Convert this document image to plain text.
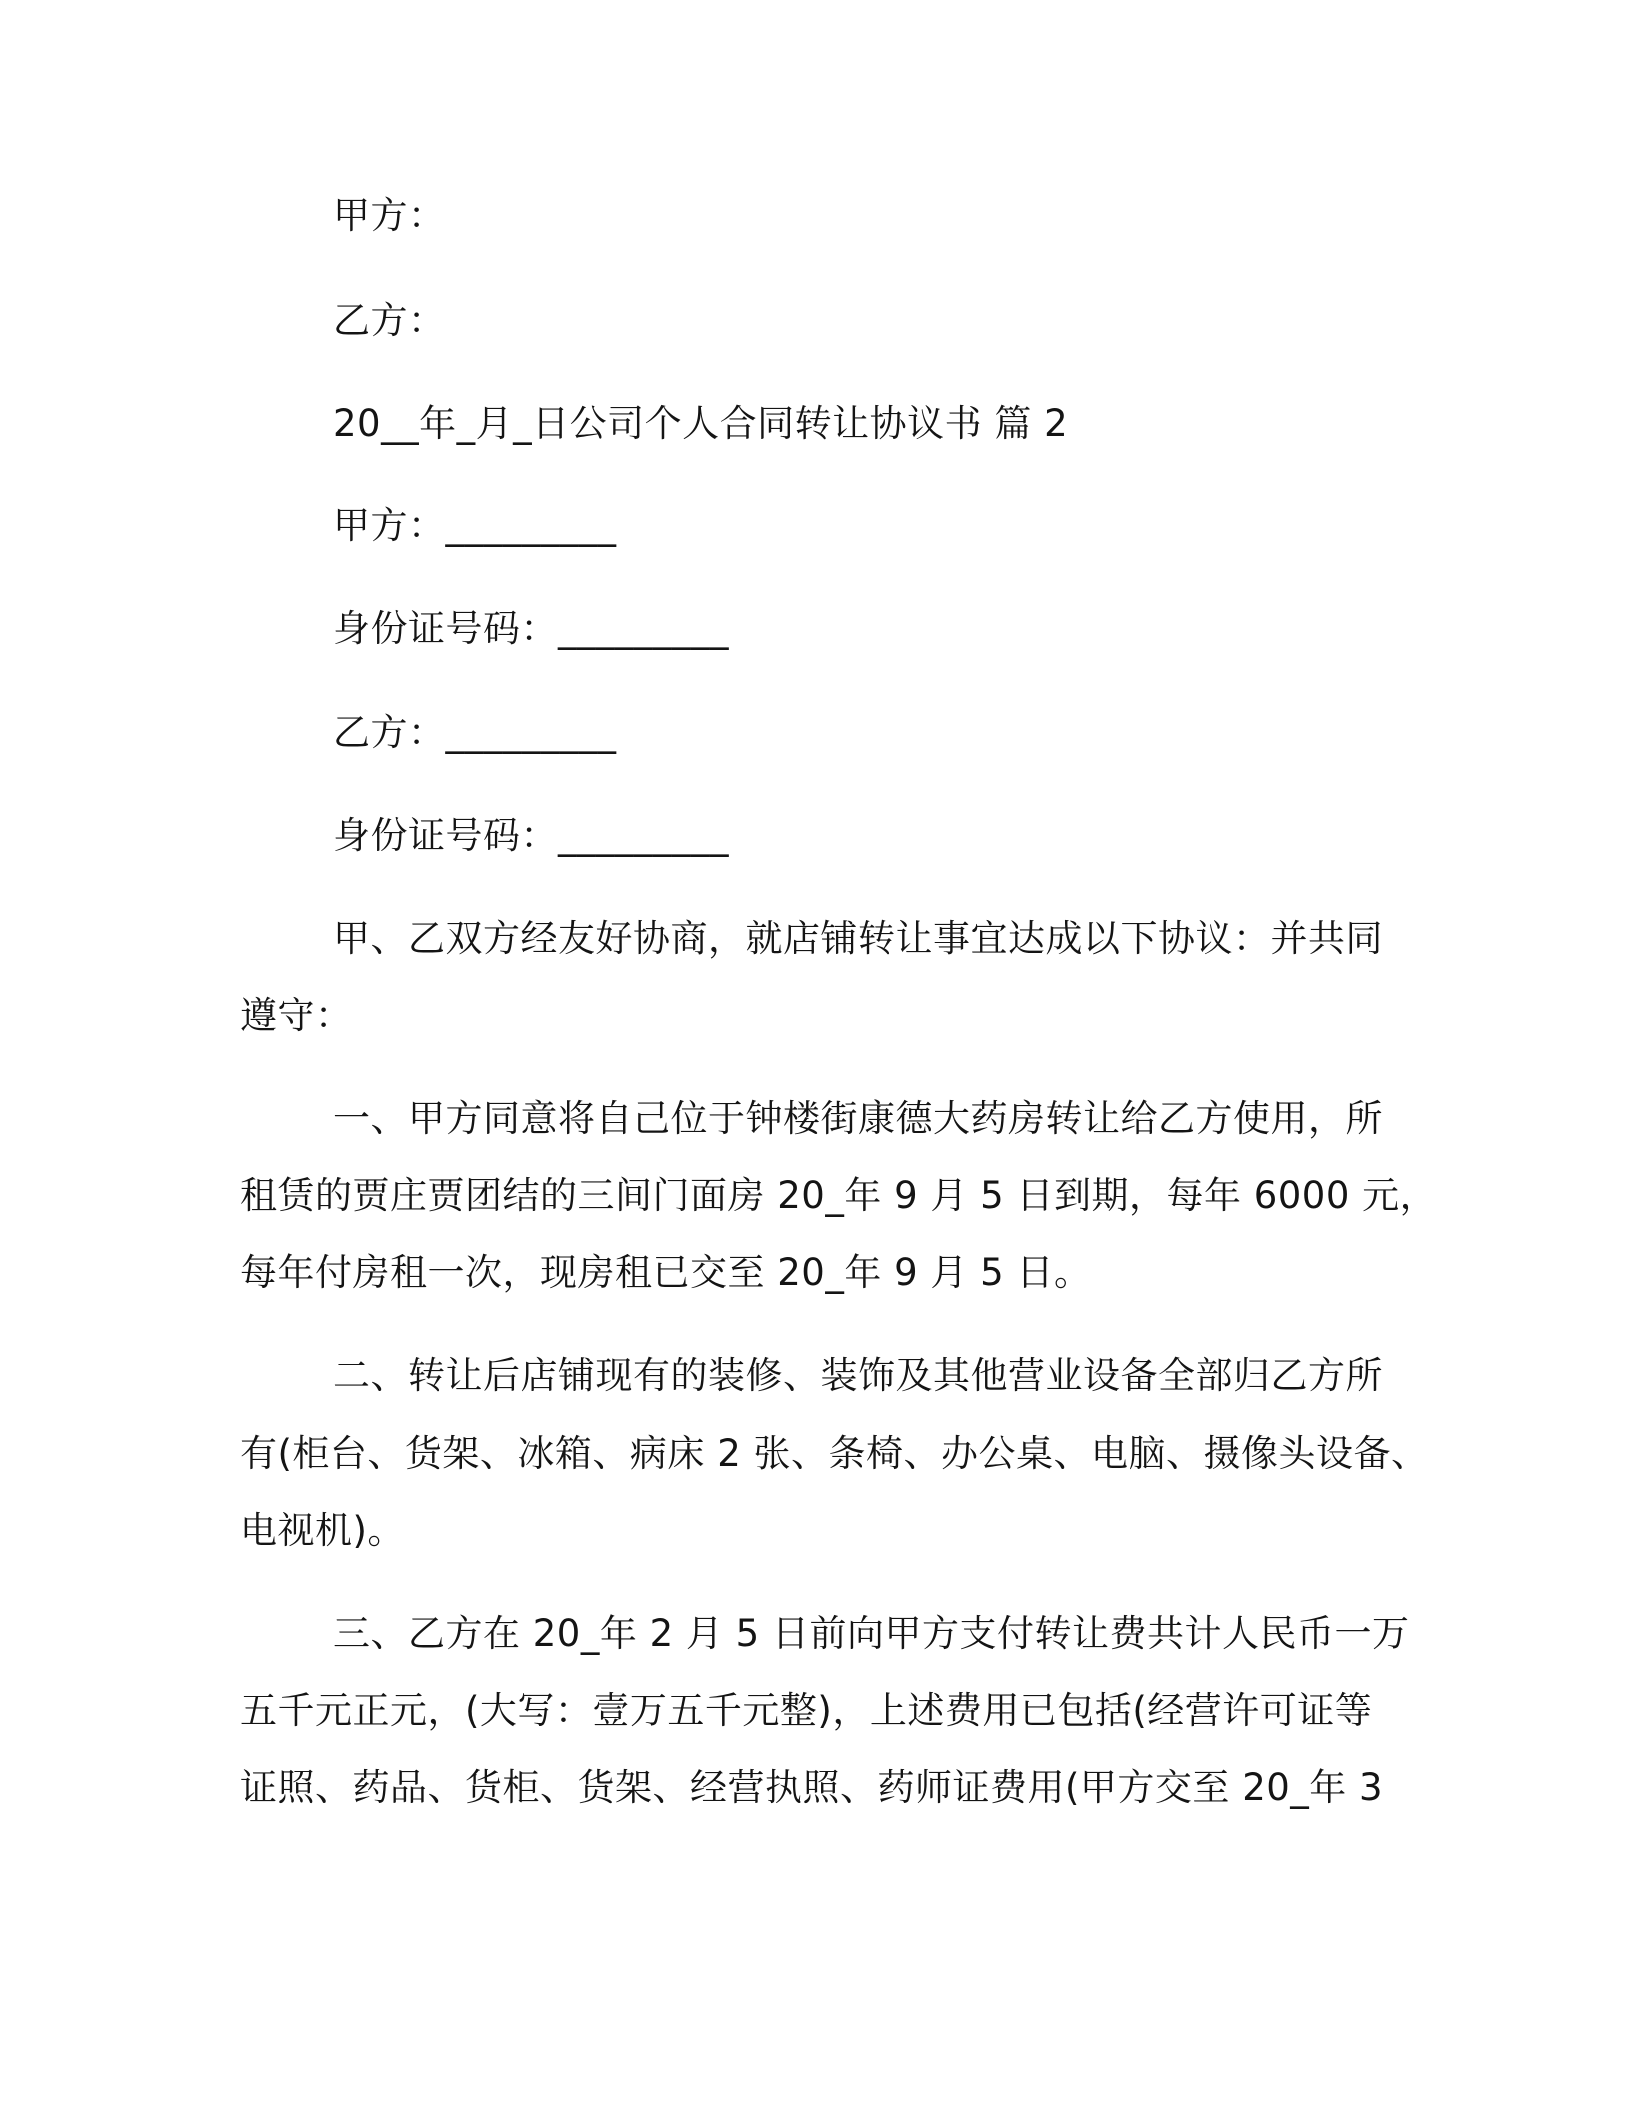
甲方：
乙方：
20__年_月_日公司个人合同转让协议书 篇 2
甲方：_________
身份证号码：_________
乙方：_________
身份证号码：_________
甲、乙双方经友好协商，就店铺转让事宜达成以下协议：并共同
遵守：
一、甲方同意将自己位于钟楼街康德大药房转让给乙方使用，所
租赁的贾庄贾团结的三间门面房 20_年 9 月 5 日到期，每年 6000 元，
每年付房租一次，现房租已交至 20_年 9 月 5 日。
二、转让后店铺现有的装修、装饰及其他营业设备全部归乙方所
有(柜台、货架、冰箱、病床 2 张、条椅、办公桌、电脑、摄像头设备、
电视机)。
三、乙方在 20_年 2 月 5 日前向甲方支付转让费共计人民币一万
五千元正元，(大写：壹万五千元整)，上述费用已包括(经营许可证等
证照、药品、货柜、货架、经营执照、药师证费用(甲方交至 20_年 3
